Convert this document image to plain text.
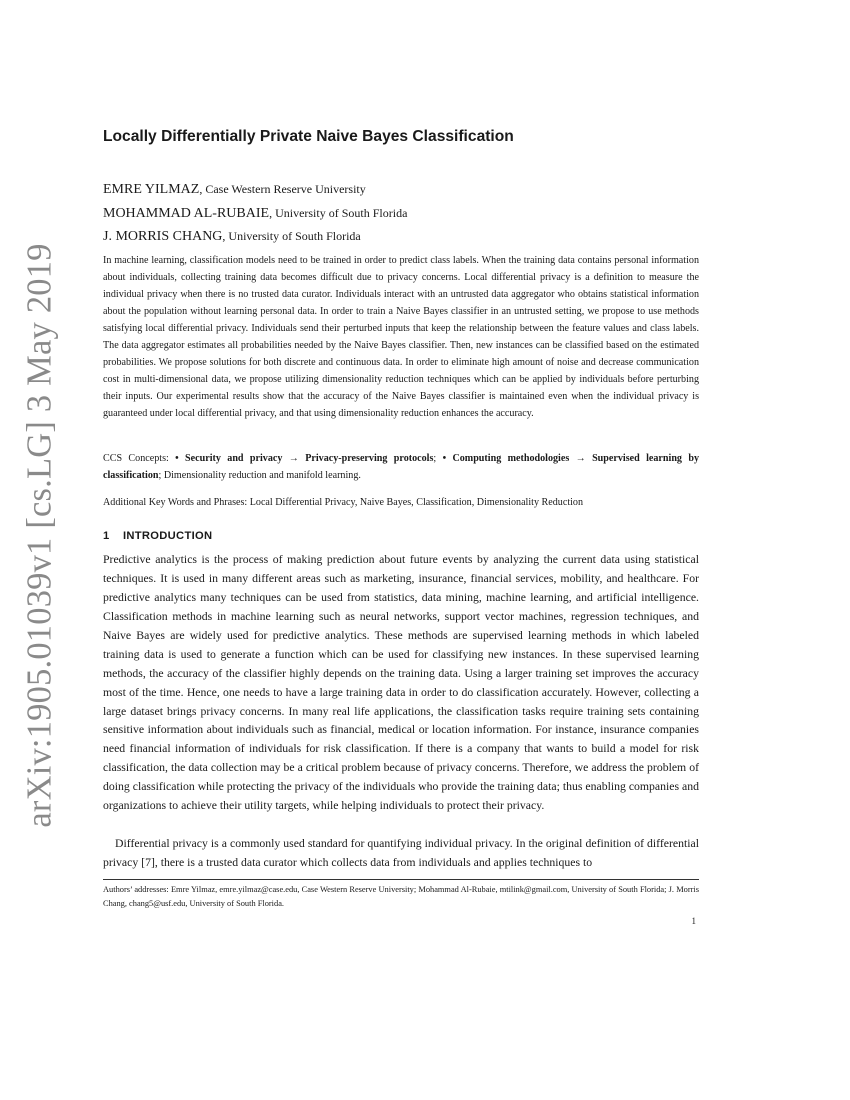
arXiv:1905.01039v1 [cs.LG] 3 May 2019
Locally Differentially Private Naive Bayes Classification
EMRE YILMAZ, Case Western Reserve University
MOHAMMAD AL-RUBAIE, University of South Florida
J. MORRIS CHANG, University of South Florida

In machine learning, classification models need to be trained in order to predict class labels. When the training data contains personal information about individuals, collecting training data becomes difficult due to privacy concerns. Local differential privacy is a definition to measure the individual privacy when there is no trusted data curator. Individuals interact with an untrusted data aggregator who obtains statistical information about the population without learning personal data. In order to train a Naive Bayes classifier in an untrusted setting, we propose to use methods satisfying local differential privacy. Individuals send their perturbed inputs that keep the relationship between the feature values and class labels. The data aggregator estimates all probabilities needed by the Naive Bayes classifier. Then, new instances can be classified based on the estimated probabilities. We propose solutions for both discrete and continuous data. In order to eliminate high amount of noise and decrease communication cost in multi-dimensional data, we propose utilizing dimensionality reduction techniques which can be applied by individuals before perturbing their inputs. Our experimental results show that the accuracy of the Naive Bayes classifier is maintained even when the individual privacy is guaranteed under local differential privacy, and that using dimensionality reduction enhances the accuracy.

CCS Concepts: • Security and privacy → Privacy-preserving protocols; • Computing methodologies → Supervised learning by classification; Dimensionality reduction and manifold learning.

Additional Key Words and Phrases: Local Differential Privacy, Naive Bayes, Classification, Dimensionality Reduction

1 INTRODUCTION

Predictive analytics is the process of making prediction about future events by analyzing the current data using statistical techniques. It is used in many different areas such as marketing, insurance, financial services, mobility, and healthcare. For predictive analytics many techniques can be used from statistics, data mining, machine learning, and artificial intelligence. Classification methods in machine learning such as neural networks, support vector machines, regression techniques, and Naive Bayes are widely used for predictive analytics. These methods are supervised learning methods in which labeled training data is used to generate a function which can be used for classifying new instances. In these supervised learning methods, the accuracy of the classifier highly depends on the training data. Using a larger training set improves the accuracy most of the time. Hence, one needs to have a large training data in order to do classification accurately. However, collecting a large dataset brings privacy concerns. In many real life applications, the classification tasks require training sets containing sensitive information about individuals such as financial, medical or location information. For instance, insurance companies need financial information of individuals for risk classification. If there is a company that wants to build a model for risk classification, the data collection may be a critical problem because of privacy concerns. Therefore, we address the problem of doing classification while protecting the privacy of the individuals who provide the training data; thus enabling companies and organizations to achieve their utility targets, while helping individuals to protect their privacy.

Differential privacy is a commonly used standard for quantifying individual privacy. In the original definition of differential privacy [7], there is a trusted data curator which collects data from individuals and applies techniques to

Authors’ addresses: Emre Yilmaz, emre.yilmaz@case.edu, Case Western Reserve University; Mohammad Al-Rubaie, mtilink@gmail.com, University of South Florida; J. Morris Chang, chang5@usf.edu, University of South Florida.

1
